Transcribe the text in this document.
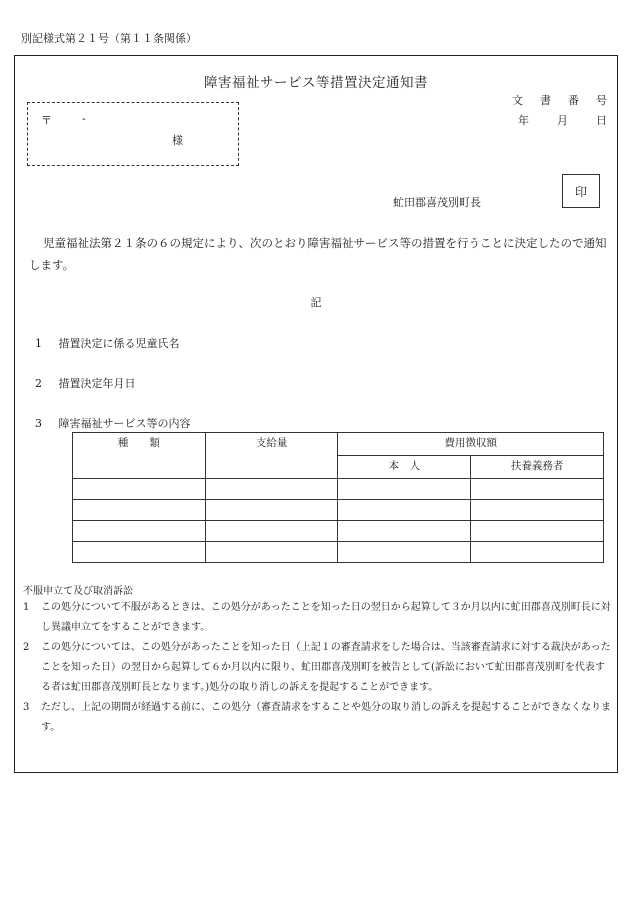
別記様式第２１号（第１１条関係）
障害福祉サービス等措置決定通知書
文 書 番 号
年	月	日
〒	-
様
虻田郡喜茂別町長
印
児童福祉法第２１条の６の規定により、次のとおり障害福祉サービス等の措置を行うことに決定したので通知します。
記
1 措置決定に係る児童氏名
2 措置決定年月日
3 障害福祉サービス等の内容
種　　類	支給量	費用徴収額	
		本　人	扶養義務者

不服申立て及び取消訴訟
1 この処分について不服があるときは、この処分があったことを知った日の翌日から起算して３か月以内に虻田郡喜茂別町長に対し異議申立てをすることができます。
2 この処分については、この処分があったことを知った日（上記１の審査請求をした場合は、当該審査請求に対する裁決があったことを知った日）の翌日から起算して６か月以内に限り、虻田郡喜茂別町を被告として(訴訟において虻田郡喜茂別町を代表する者は虻田郡喜茂別町長となります。)処分の取り消しの訴えを提起することができます。
3 ただし、上記の期間が経過する前に、この処分（審査請求をすることや処分の取り消しの訴えを提起することができなくなります。
